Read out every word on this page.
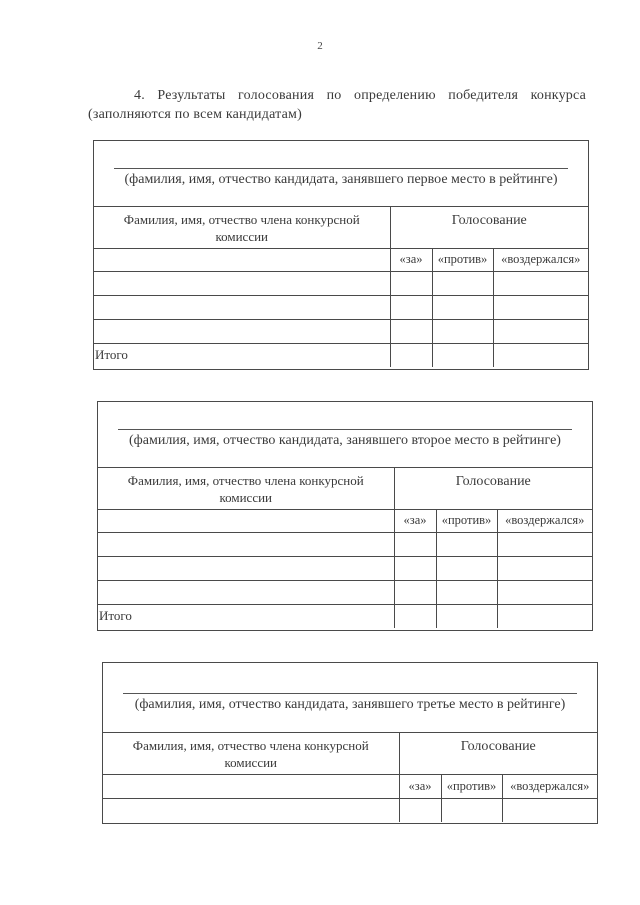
2
4. Результаты голосования по определению победителя конкурса (заполняются по всем кандидатам)
(фамилия, имя, отчество кандидата, занявшего первое место в рейтинге)
Фамилия, имя, отчество члена конкурсной комиссии	Голосование		
	«за»	«против»	«воздержался»

Итого			
(фамилия, имя, отчество кандидата, занявшего второе место в рейтинге)
Фамилия, имя, отчество члена конкурсной комиссии	Голосование		
	«за»	«против»	«воздержался»

Итого			
(фамилия, имя, отчество кандидата, занявшего третье место в рейтинге)
Фамилия, имя, отчество члена конкурсной комиссии	Голосование		
	«за»	«против»	«воздержался»
